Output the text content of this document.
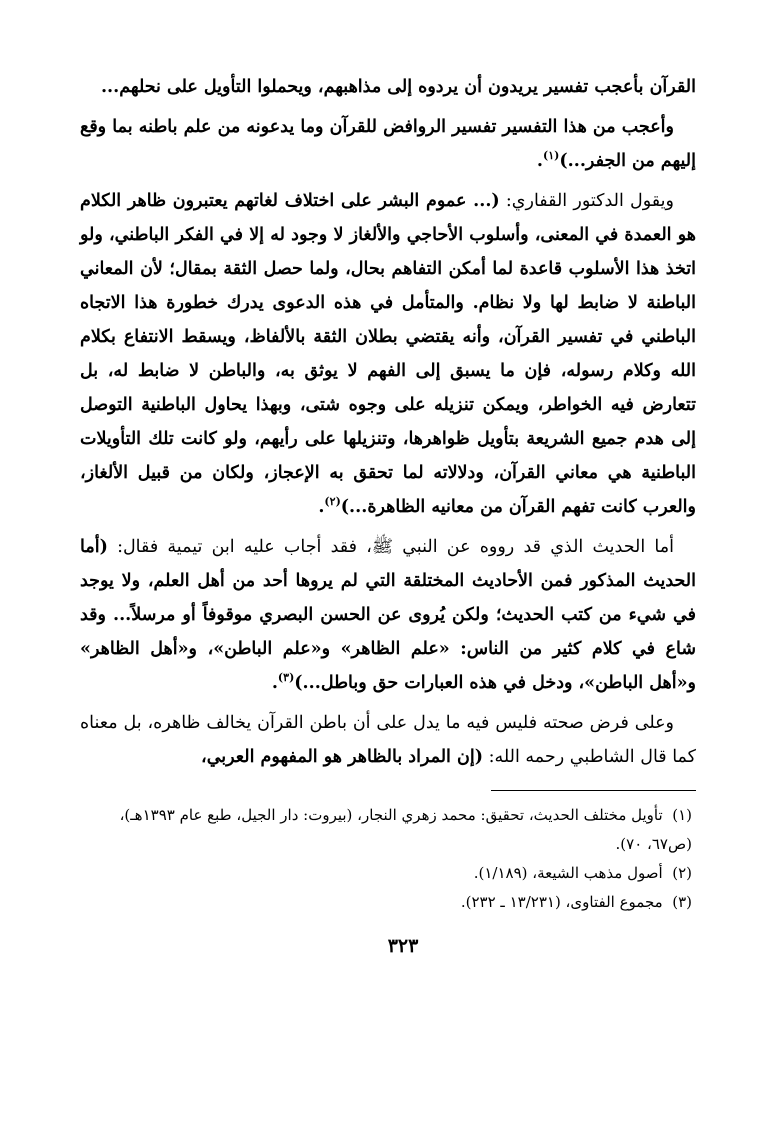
القرآن بأعجب تفسير يريدون أن يردوه إلى مذاهبهم، ويحملوا التأويل على نحلهم...

وأعجب من هذا التفسير تفسير الروافض للقرآن وما يدعونه من علم باطنه بما وقع إليهم من الجفر...)$^{(١)}$.

ويقول الدكتور القفاري: (... عموم البشر على اختلاف لغاتهم يعتبرون ظاهر الكلام هو العمدة في المعنى، وأسلوب الأحاجي والألغاز لا وجود له إلا في الفكر الباطني، ولو اتخذ هذا الأسلوب قاعدة لما أمكن التفاهم بحال، ولما حصل الثقة بمقال؛ لأن المعاني الباطنة لا ضابط لها ولا نظام. والمتأمل في هذه الدعوى يدرك خطورة هذا الاتجاه الباطني في تفسير القرآن، وأنه يقتضي بطلان الثقة بالألفاظ، ويسقط الانتفاع بكلام الله وكلام رسوله، فإن ما يسبق إلى الفهم لا يوثق به، والباطن لا ضابط له، بل تتعارض فيه الخواطر، ويمكن تنزيله على وجوه شتى، وبهذا يحاول الباطنية التوصل إلى هدم جميع الشريعة بتأويل ظواهرها، وتنزيلها على رأيهم، ولو كانت تلك التأويلات الباطنية هي معاني القرآن، ودلالاته لما تحقق به الإعجاز، ولكان من قبيل الألغاز، والعرب كانت تفهم القرآن من معانيه الظاهرة...)$^{(٢)}$.

أما الحديث الذي قد رووه عن النبي ﷺ، فقد أجاب عليه ابن تيمية فقال: (أما الحديث المذكور فمن الأحاديث المختلقة التي لم يروها أحد من أهل العلم، ولا يوجد في شيء من كتب الحديث؛ ولكن يُروى عن الحسن البصري موقوفاً أو مرسلاً... وقد شاع في كلام كثير من الناس: «علم الظاهر» و«علم الباطن»، و«أهل الظاهر» و«أهل الباطن»، ودخل في هذه العبارات حق وباطل...)$^{(٣)}$.

وعلى فرض صحته فليس فيه ما يدل على أن باطن القرآن يخالف ظاهره، بل معناه كما قال الشاطبي رحمه الله: (إن المراد بالظاهر هو المفهوم العربي،

(١)  تأويل مختلف الحديث، تحقيق: محمد زهري النجار، (بيروت: دار الجيل، طبع عام ١٣٩٣هـ)، (ص٦٧، ٧٠).

(٢)  أصول مذهب الشيعة، (١/١٨٩).

(٣)  مجموع الفتاوى، (١٣/٢٣١ ـ ٢٣٢).

٣٢٣
